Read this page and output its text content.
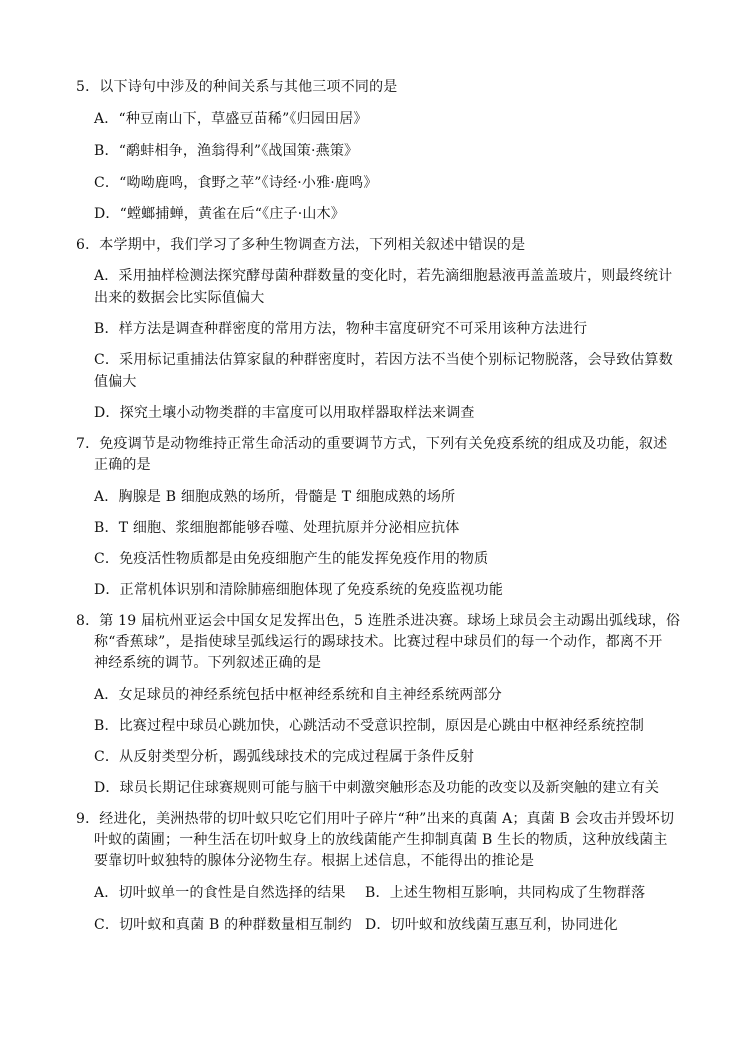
5．以下诗句中涉及的种间关系与其他三项不同的是
A．“种豆南山下，草盛豆苗稀”《归园田居》
B．“鹬蚌相争，渔翁得利”《战国策·燕策》
C．“呦呦鹿鸣，食野之苹”《诗经·小雅·鹿鸣》
D．“螳螂捕蝉，黄雀在后“《庄子·山木》
6．本学期中，我们学习了多种生物调查方法，下列相关叙述中错误的是
A．采用抽样检测法探究酵母菌种群数量的变化时，若先滴细胞悬液再盖盖玻片，则最终统计
出来的数据会比实际值偏大
B．样方法是调查种群密度的常用方法，物种丰富度研究不可采用该种方法进行
C．采用标记重捕法估算家鼠的种群密度时，若因方法不当使个别标记物脱落，会导致估算数
值偏大
D．探究土壤小动物类群的丰富度可以用取样器取样法来调查
7．免疫调节是动物维持正常生命活动的重要调节方式，下列有关免疫系统的组成及功能，叙述
正确的是
A．胸腺是 B 细胞成熟的场所，骨髓是 T 细胞成熟的场所
B．T 细胞、浆细胞都能够吞噬、处理抗原并分泌相应抗体
C．免疫活性物质都是由免疫细胞产生的能发挥免疫作用的物质
D．正常机体识别和清除肺癌细胞体现了免疫系统的免疫监视功能
8．第 19 届杭州亚运会中国女足发挥出色，5 连胜杀进决赛。球场上球员会主动踢出弧线球，俗
称“香蕉球”，是指使球呈弧线运行的踢球技术。比赛过程中球员们的每一个动作，都离不开
神经系统的调节。下列叙述正确的是
A．女足球员的神经系统包括中枢神经系统和自主神经系统两部分
B．比赛过程中球员心跳加快，心跳活动不受意识控制，原因是心跳由中枢神经系统控制
C．从反射类型分析，踢弧线球技术的完成过程属于条件反射
D．球员长期记住球赛规则可能与脑干中刺激突触形态及功能的改变以及新突触的建立有关
9．经进化，美洲热带的切叶蚁只吃它们用叶子碎片“种”出来的真菌 A；真菌 B 会攻击并毁坏切
叶蚁的菌圃；一种生活在切叶蚁身上的放线菌能产生抑制真菌 B 生长的物质，这种放线菌主
要靠切叶蚁独特的腺体分泌物生存。根据上述信息，不能得出的推论是
A．切叶蚁单一的食性是自然选择的结果 B．上述生物相互影响，共同构成了生物群落
C．切叶蚁和真菌 B 的种群数量相互制约 D．切叶蚁和放线菌互惠互利，协同进化
